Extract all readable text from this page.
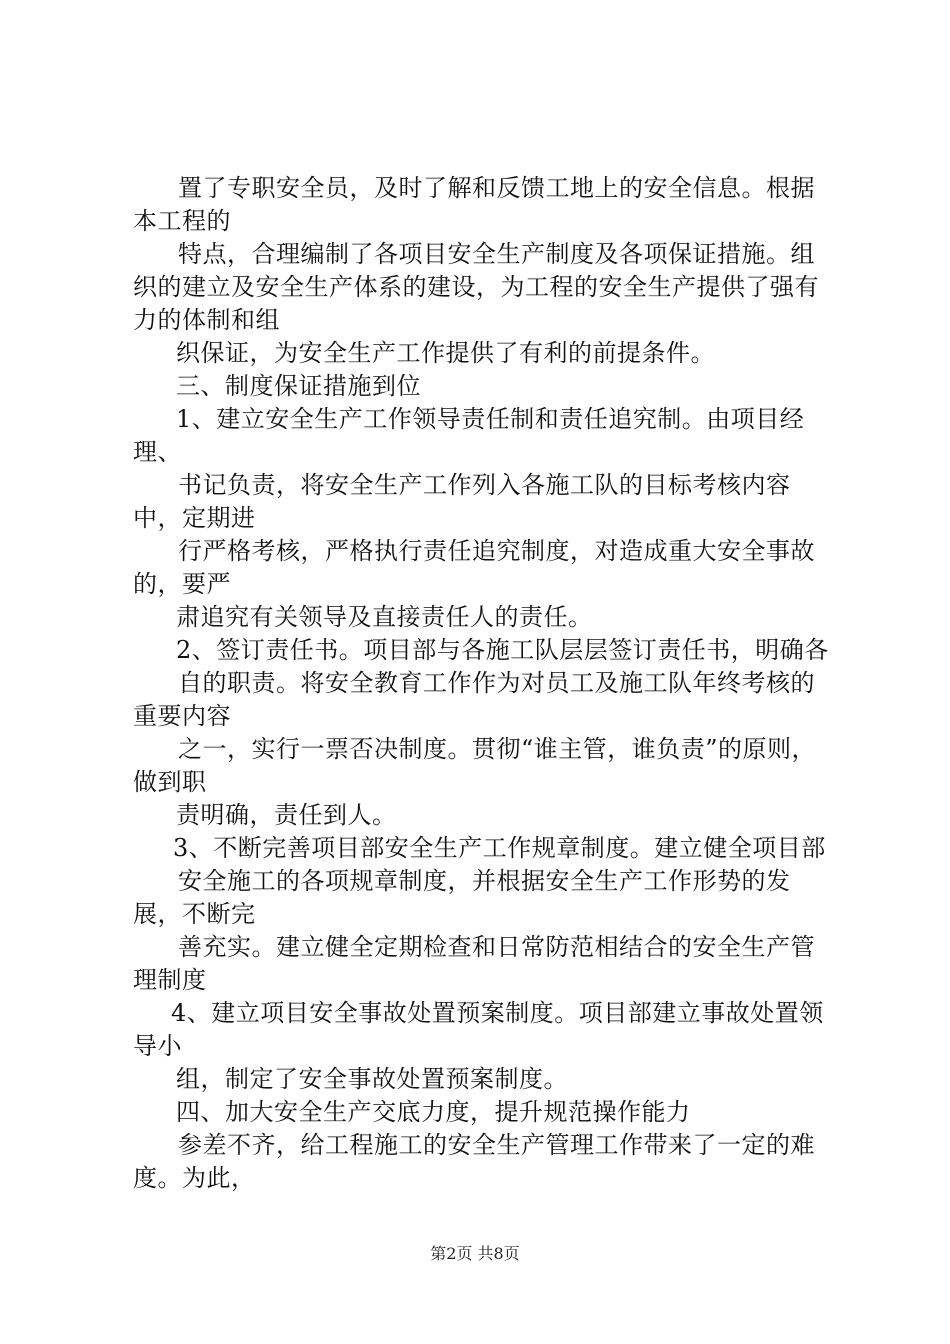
置了专职安全员，及时了解和反馈工地上的安全信息。根据本工程的

特点，合理编制了各项目安全生产制度及各项保证措施。组织的建立及安全生产体系的建设，为工程的安全生产提供了强有力的体制和组

织保证，为安全生产工作提供了有利的前提条件。

三、制度保证措施到位

1、建立安全生产工作领导责任制和责任追究制。由项目经理、

书记负责，将安全生产工作列入各施工队的目标考核内容中，定期进

行严格考核，严格执行责任追究制度，对造成重大安全事故的，要严

肃追究有关领导及直接责任人的责任。

2、签订责任书。项目部与各施工队层层签订责任书，明确各

自的职责。将安全教育工作作为对员工及施工队年终考核的重要内容

之一，实行一票否决制度。贯彻“谁主管，谁负责”的原则，做到职

责明确，责任到人。

3、不断完善项目部安全生产工作规章制度。建立健全项目部

安全施工的各项规章制度，并根据安全生产工作形势的发展，不断完

善充实。建立健全定期检查和日常防范相结合的安全生产管理制度

4、建立项目安全事故处置预案制度。项目部建立事故处置领导小

组，制定了安全事故处置预案制度。

四、加大安全生产交底力度，提升规范操作能力

参差不齐，给工程施工的安全生产管理工作带来了一定的难度。为此，

第2页 共8页
